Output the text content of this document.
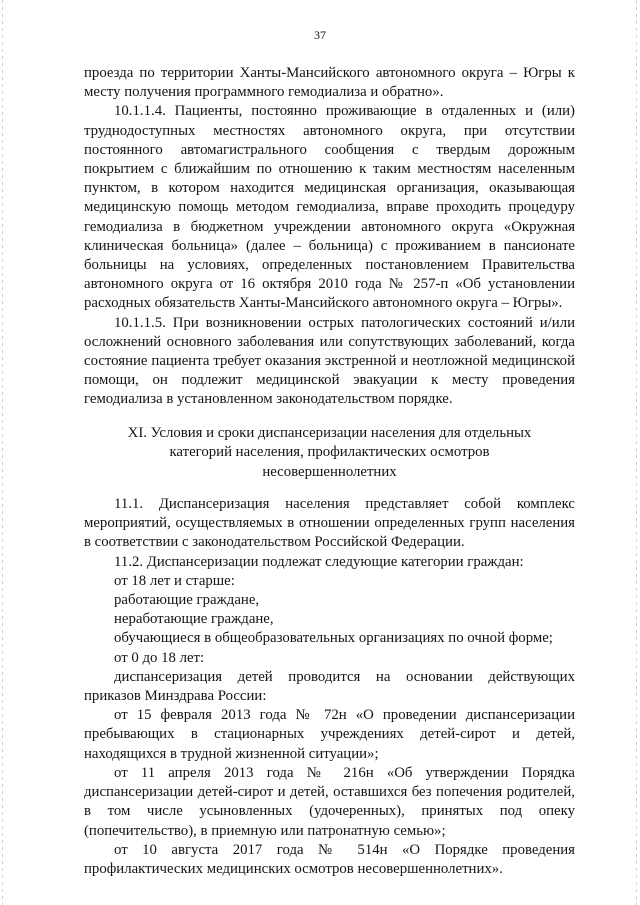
37

проезда по территории Ханты-Мансийского автономного округа – Югры к месту получения программного гемодиализа и обратно».

10.1.1.4. Пациенты, постоянно проживающие в отдаленных и (или) труднодоступных местностях автономного округа, при отсутствии постоянного автомагистрального сообщения с твердым дорожным покрытием с ближайшим по отношению к таким местностям населенным пунктом, в котором находится медицинская организация, оказывающая медицинскую помощь методом гемодиализа, вправе проходить процедуру гемодиализа в бюджетном учреждении автономного округа «Окружная клиническая больница» (далее – больница) с проживанием в пансионате больницы на условиях, определенных постановлением Правительства автономного округа от 16 октября 2010 года № 257-п «Об установлении расходных обязательств Ханты-Мансийского автономного округа – Югры».

10.1.1.5. При возникновении острых патологических состояний и/или осложнений основного заболевания или сопутствующих заболеваний, когда состояние пациента требует оказания экстренной и неотложной медицинской помощи, он подлежит медицинской эвакуации к месту проведения гемодиализа в установленном законодательством порядке.

XI. Условия и сроки диспансеризации населения для отдельных категорий населения, профилактических осмотров несовершеннолетних

11.1. Диспансеризация населения представляет собой комплекс мероприятий, осуществляемых в отношении определенных групп населения в соответствии с законодательством Российской Федерации.

11.2. Диспансеризации подлежат следующие категории граждан:

от 18 лет и старше:

работающие граждане,

неработающие граждане,

обучающиеся в общеобразовательных организациях по очной форме;

от 0 до 18 лет:

диспансеризация детей проводится на основании действующих приказов Минздрава России:

от 15 февраля 2013 года № 72н «О проведении диспансеризации пребывающих в стационарных учреждениях детей-сирот и детей, находящихся в трудной жизненной ситуации»;

от 11 апреля 2013 года № 216н «Об утверждении Порядка диспансеризации детей-сирот и детей, оставшихся без попечения родителей, в том числе усыновленных (удочеренных), принятых под опеку (попечительство), в приемную или патронатную семью»;

от 10 августа 2017 года № 514н «О Порядке проведения профилактических медицинских осмотров несовершеннолетних».
